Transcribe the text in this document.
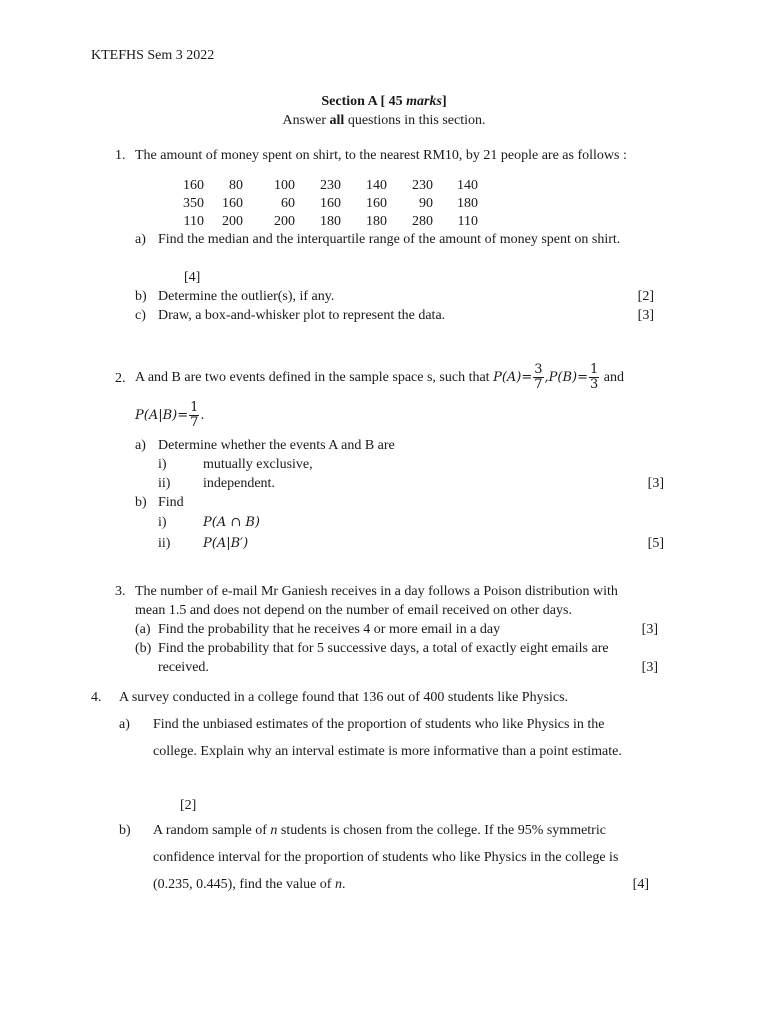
KTEFHS Sem 3 2022
Section A [ 45 marks]
Answer all questions in this section.
1. The amount of money spent on shirt, to the nearest RM10, by 21 people are as follows :
160	80	100	230	140	230	140
350	160	60	160	160	90	180
110	200	200	180	180	280	110
a) Find the median and the interquartile range of the amount of money spent on shirt.
[4]
b) Determine the outlier(s), if any.	[2]
c) Draw, a box-and-whisker plot to represent the data.	[3]
2. A and B are two events defined in the sample space s, such that $P(A)= \frac{3}{7} ,P(B)= \frac{1}{3}$ and
$P(A|B)= \frac{1}{7}$ .
a) Determine whether the events A and B are
i)	mutually exclusive,
ii) independent.	[3]
b) Find
i)	P(A ∩ B)
ii)	P(A|B′)	[5]
3. The number of e-mail Mr Ganiesh receives in a day follows a Poison distribution with
mean 1.5 and does not depend on the number of email received on other days.
(a) Find the probability that he receives 4 or more email in a day	[3]
(b) Find the probability that for 5 successive days, a total of exactly eight emails are
received.	[3]
4. A survey conducted in a college found that 136 out of 400 students like Physics.
a) Find the unbiased estimates of the proportion of students who like Physics in the
college. Explain why an interval estimate is more informative than a point estimate.
[2]
b) A random sample of n students is chosen from the college. If the 95% symmetric
confidence interval for the proportion of students who like Physics in the college is
(0.235, 0.445), find the value of n.	[4]
